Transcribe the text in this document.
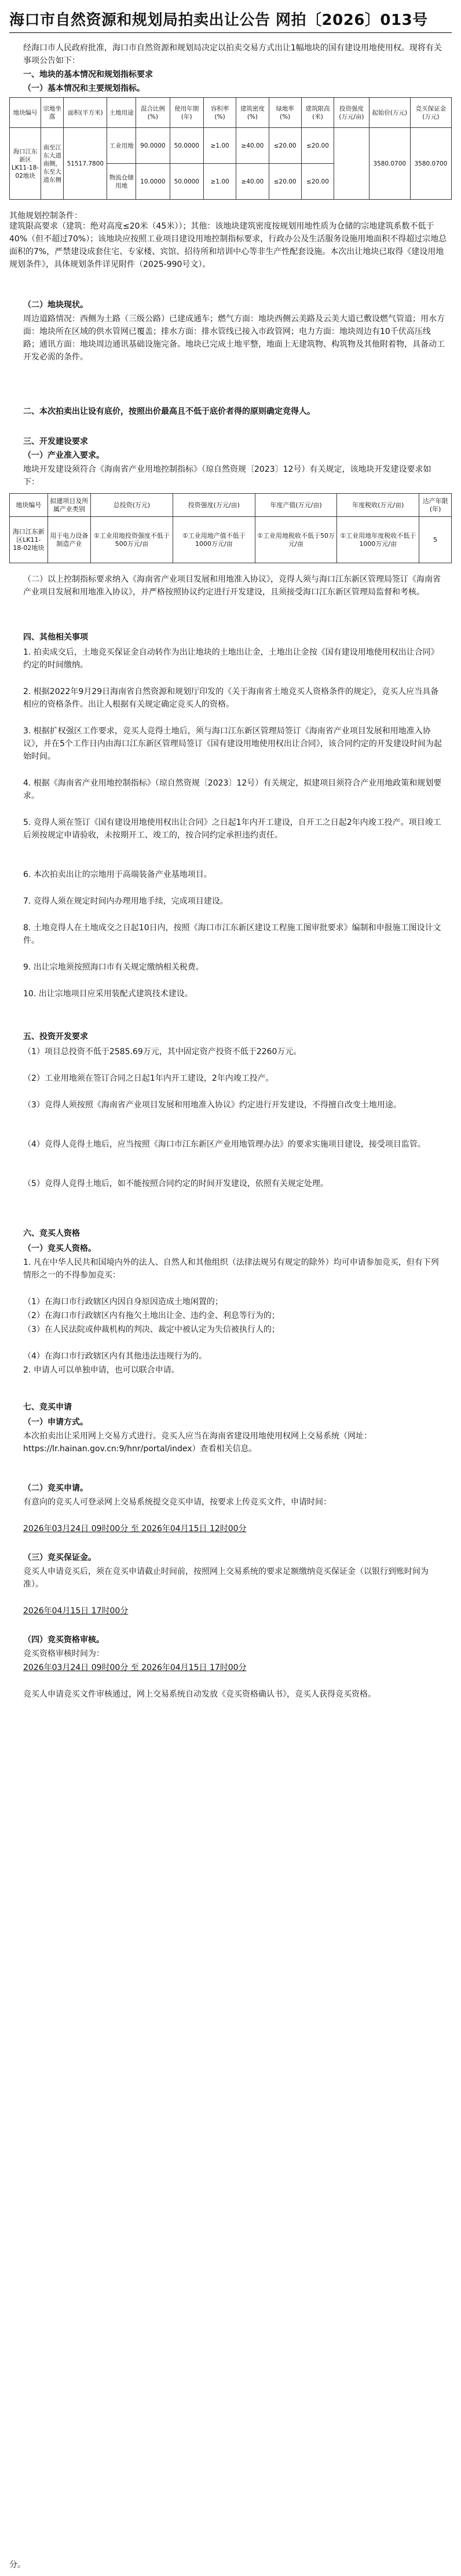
海口市自然资源和规划局拍卖出让公告 网拍〔2026〕013号
经海口市人民政府批准，海口市自然资源和规划局决定以拍卖交易方式出让1幅地块的国有建设用地使用权。现将有关事项公告如下：
一、地块的基本情况和规划指标要求
（一）基本情况和主要规划指标。
地块编号	宗地坐落	面积(平方米)	土地用途	混合比例(%)	使用年期(年)	容积率(%)	建筑密度(%)	绿地率(%)	建筑限高(米)	投资强度(万元/亩)	起始价(万元)	竞买保证金(万元)
海口江东新区LK11-18-02地块	南至江东大道南侧，东至大道东侧	51517.7800	工业用地	90.0000	50.0000	≥1.00	≥40.00	≤20.00	≤20.00		3580.0700	3580.0700
			物流仓储用地	10.0000	50.0000	≥1.00	≥40.00	≤20.00	≤20.00			
其他规划控制条件：
建筑限高要求（建筑：绝对高度≤20米（45米））；其他：该地块建筑密度按规划用地性质为仓储的宗地建筑系数不低于40%（但不超过70%）；该地块应按照工业项目建设用地控制指标要求，行政办公及生活服务设施用地面积不得超过宗地总面积的7%，严禁建设成套住宅、专家楼、宾馆、招待所和培训中心等非生产性配套设施。本次出让地块已取得《建设用地规划条件》，具体规划条件详见附件（2025-990号文）。
（二）地块现状。
周边道路情况：西侧为土路（三级公路）已建成通车；燃气方面：地块西侧云美路及云美大道已敷设燃气管道；用水方面：地块所在区域的供水管网已覆盖；排水方面：排水管线已接入市政管网；电力方面：地块周边有10千伏高压线路；通讯方面：地块周边通讯基础设施完备。地块已完成土地平整，地面上无建筑物、构筑物及其他附着物，具备动工开发必需的条件。
二、本次拍卖出让设有底价，按照出价最高且不低于底价者得的原则确定竞得人。
三、开发建设要求
（一）产业准入要求。
地块开发建设须符合《海南省产业用地控制指标》（琼自然资规〔2023〕12号）有关规定，该地块开发建设要求如下：
地块编号	拟建项目及所属产业类别	总投资(万元)	投资强度(万元/亩)	年度产值(万元/亩)	年度税收(万元/亩)	达产年限(年)
海口江东新区LK11-18-02地块	用于电力设备制造产业	①工业用地投资强度不低于500万元/亩	①工业用地产值不低于1000万元/亩	①工业用地税收不低于50万元/亩	①工业用地年度税收不低于1000万元/亩	5
（二）以上控制指标要求纳入《海南省产业项目发展和用地准入协议》，竞得人须与海口江东新区管理局签订《海南省产业项目发展和用地准入协议》，并严格按照协议约定进行开发建设，且须接受海口江东新区管理局监督和考核。
四、其他相关事项
1. 拍卖成交后，土地竞买保证金自动转作为出让地块的土地出让金，土地出让金按《国有建设用地使用权出让合同》约定的时间缴纳。
2. 根据2022年9月29日海南省自然资源和规划厅印发的《关于海南省土地竞买人资格条件的规定》，竞买人应当具备相应的资格条件。出让人根据有关规定确定竞买人的资格。
3. 根据扩权强区工作要求，竞买人竞得土地后，须与海口江东新区管理局签订《海南省产业项目发展和用地准入协议》，并在5个工作日内由海口江东新区管理局签订《国有建设用地使用权出让合同》，该合同约定的开发建设时间为起始时间。
4. 根据《海南省产业用地控制指标》（琼自然资规〔2023〕12号）有关规定，拟建项目须符合产业用地政策和规划要求。
5. 竞得人须在签订《国有建设用地使用权出让合同》之日起1年内开工建设，自开工之日起2年内竣工投产。项目竣工后须按规定申请验收，未按期开工、竣工的，按合同约定承担违约责任。
6. 本次拍卖出让的宗地用于高端装备产业基地项目。
7. 竞得人须在规定时间内办理用地手续，完成项目建设。
8. 土地竞得人在土地成交之日起10日内，按照《海口市江东新区建设工程施工图审批要求》编制和申报施工图设计文件。
9. 出让宗地须按照海口市有关规定缴纳相关税费。
10. 出让宗地项目应采用装配式建筑技术建设。
五、投资开发要求
（1）项目总投资不低于2585.69万元，其中固定资产投资不低于2260万元。
（2）工业用地须在签订合同之日起1年内开工建设，2年内竣工投产。
（3）竞得人须按照《海南省产业项目发展和用地准入协议》约定进行开发建设，不得擅自改变土地用途。
（4）竞得人竞得土地后，应当按照《海口市江东新区产业用地管理办法》的要求实施项目建设，接受项目监管。
（5）竞得人竞得土地后，如不能按照合同约定的时间开发建设，依照有关规定处理。
六、竞买人资格
（一）竞买人资格。
1. 凡在中华人民共和国境内外的法人、自然人和其他组织（法律法规另有规定的除外）均可申请参加竞买，但有下列情形之一的不得参加竞买：
（1）在海口市行政辖区内因自身原因造成土地闲置的；
（2）在海口市行政辖区内有拖欠土地出让金、违约金、利息等行为的；
（3）在人民法院或仲裁机构的判决、裁定中被认定为失信被执行人的；
（4）在海口市行政辖区内有其他违法违规行为的。
2. 申请人可以单独申请，也可以联合申请。
七、竞买申请
（一）申请方式。
本次拍卖出让采用网上交易方式进行。竞买人应当在海南省建设用地使用权网上交易系统（网址：https://lr.hainan.gov.cn:9/hnr/portal/index）查看相关信息。
（二）竞买申请。
有意向的竞买人可登录网上交易系统提交竞买申请，按要求上传竞买文件，申请时间：
2026年03月24日 09时00分 至 2026年04月15日 12时00分
（三）竞买保证金。
竞买人申请竞买后，须在竞买申请截止时间前，按照网上交易系统的要求足额缴纳竞买保证金（以银行到账时间为准）。
2026年04月15日 17时00分
（四）竞买资格审核。
竞买资格审核时间为：
2026年03月24日 09时00分 至 2026年04月15日 17时00分
竞买人申请竞买文件审核通过，网上交易系统自动发放《竞买资格确认书》，竞买人获得竞买资格。
分。
